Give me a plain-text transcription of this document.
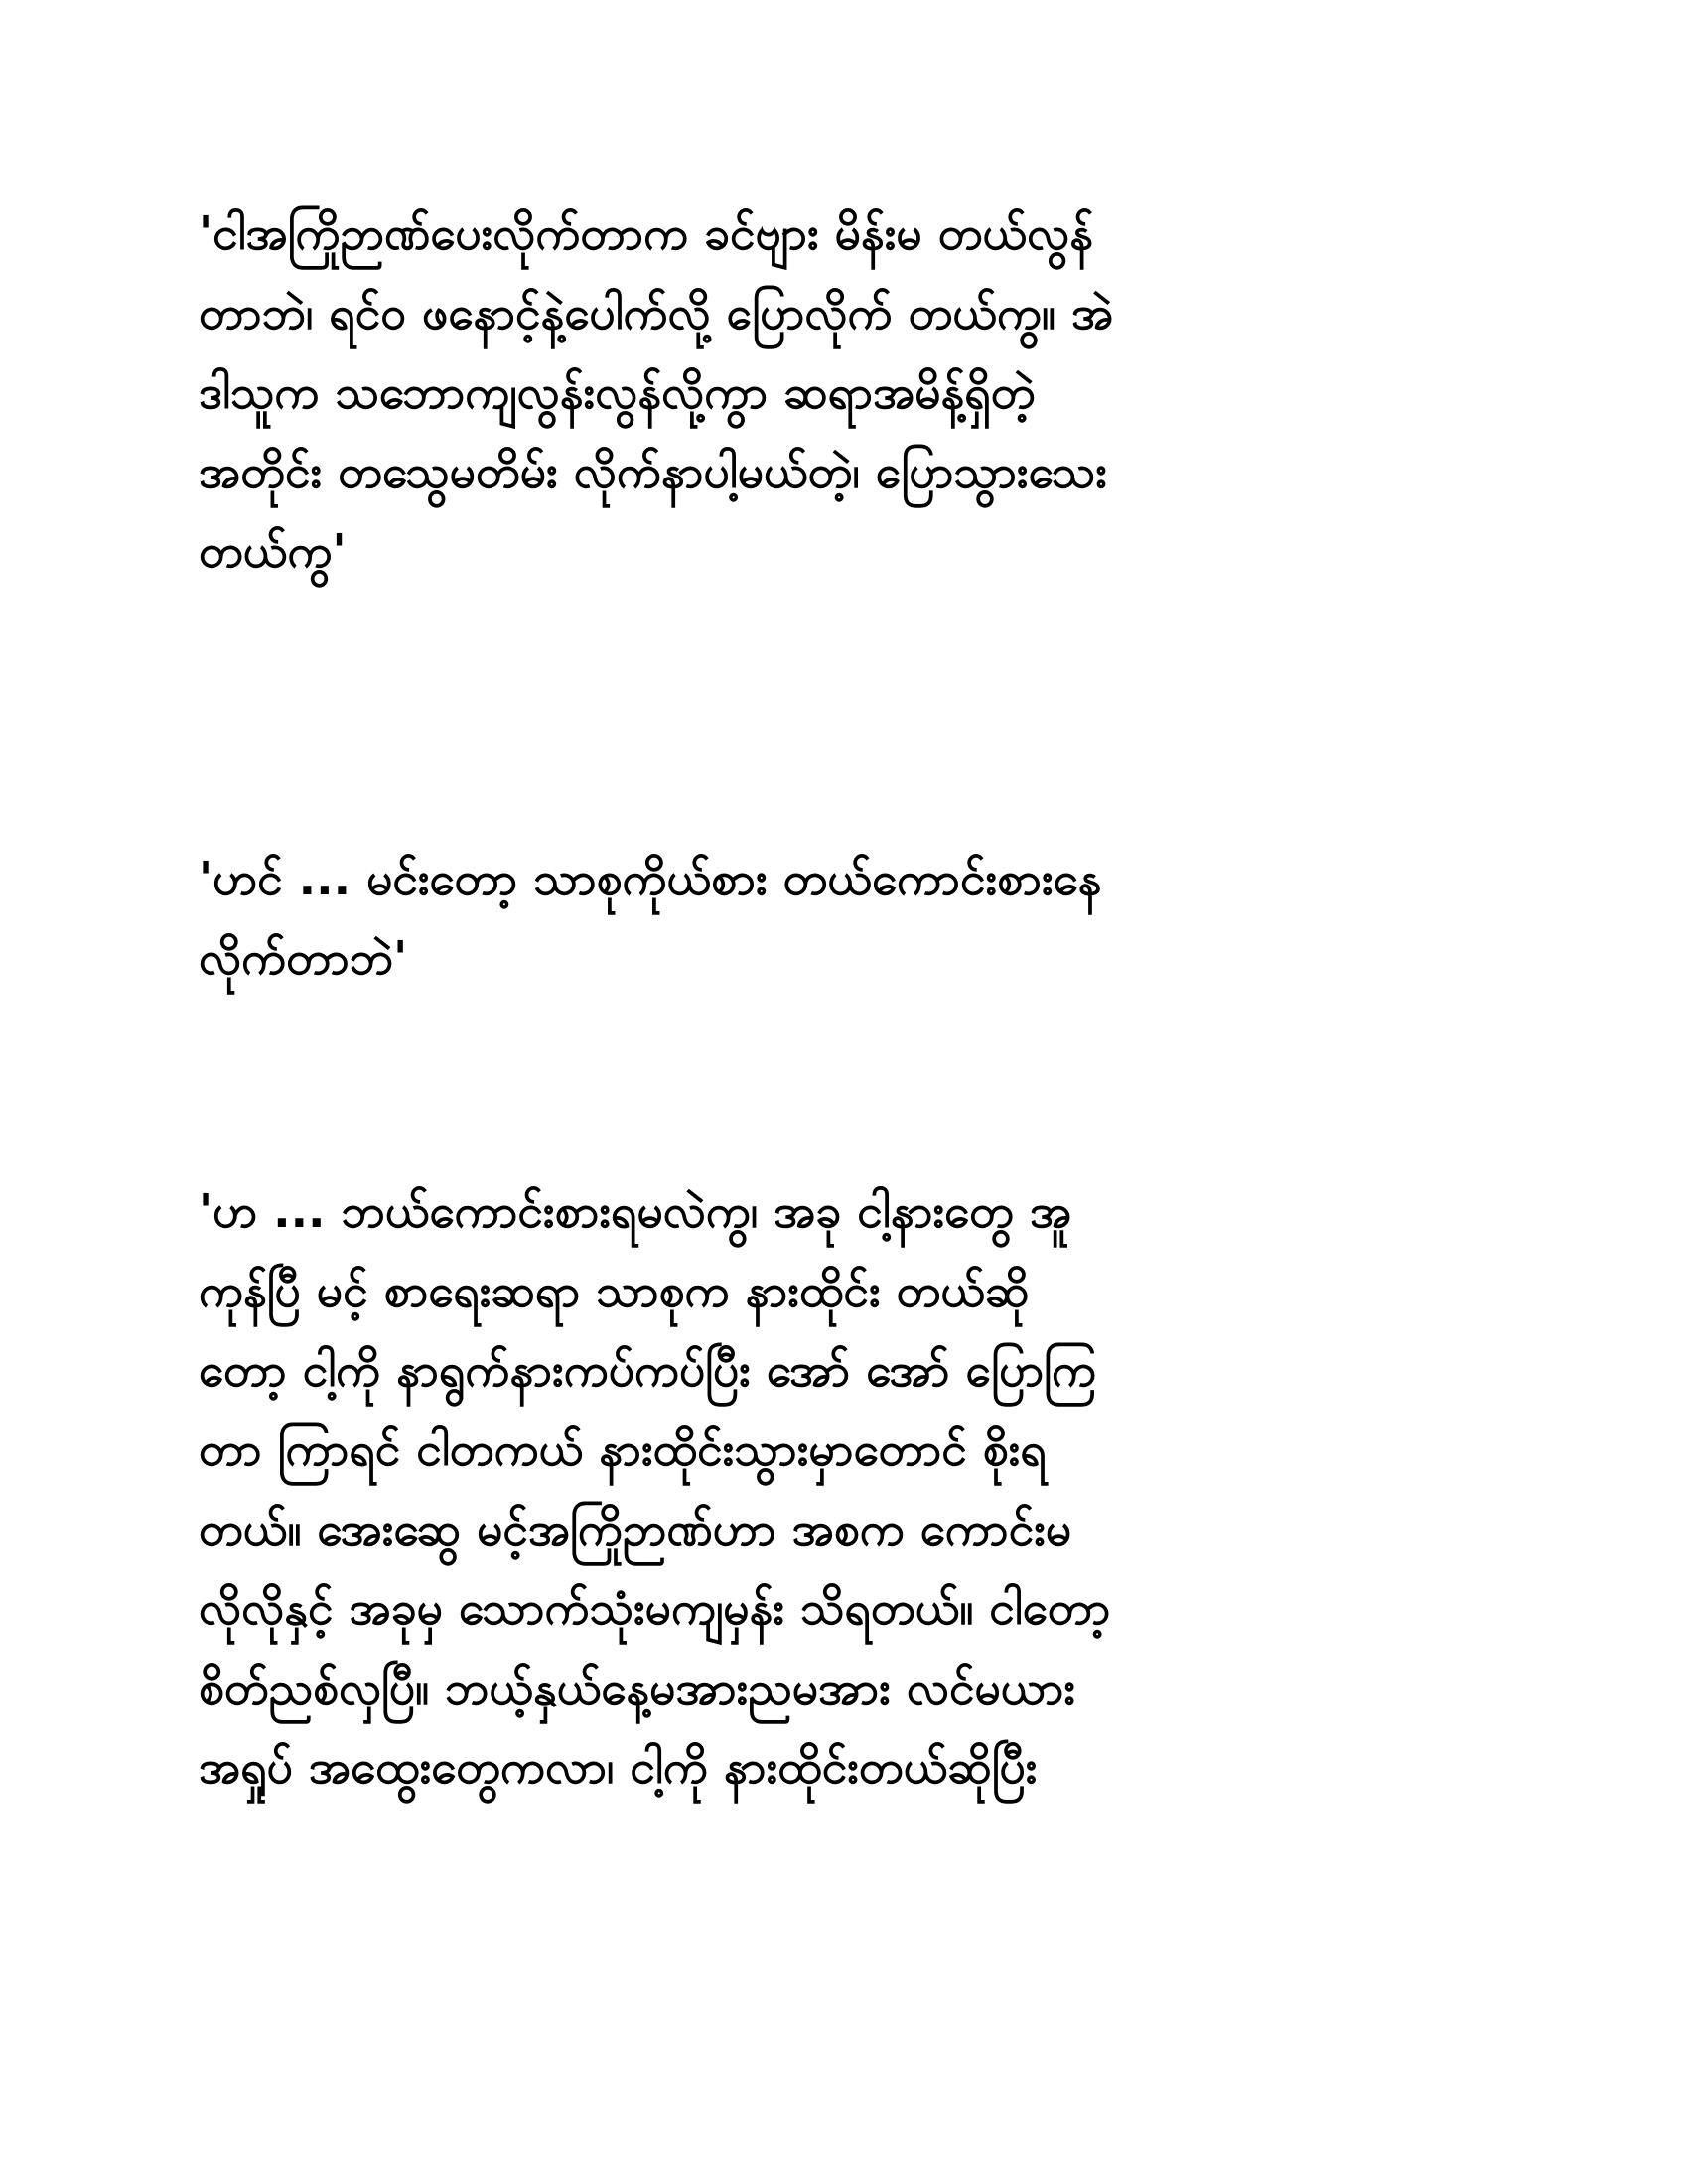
'ငါအကြိုဉာဏ်ပေးလိုက်တာက ခင်ဗျား မိန်းမ တယ်လွန်
တာဘဲ၊ ရင်ဝ ဖနောင့်နဲ့ပေါက်လို့ ပြောလိုက် တယ်ကွ။ အဲ
ဒါသူက သဘောကျလွန်းလွန်လို့ကွာ ဆရာအမိန့်ရှိတဲ့
အတိုင်း တသွေမတိမ်း လိုက်နာပါ့မယ်တဲ့၊ ပြောသွားသေး
တယ်ကွ'
'ဟင် ... မင်းတော့ သာစုကိုယ်စား တယ်ကောင်းစားနေ
လိုက်တာဘဲ'
'ဟ ... ဘယ်ကောင်းစားရမလဲကွ၊ အခု ငါ့နားတွေ အူ
ကုန်ပြီ မင့် စာရေးဆရာ သာစုက နားထိုင်း တယ်ဆို
တော့ ငါ့ကို နာရွက်နားကပ်ကပ်ပြီး အော် အော် ပြောကြ
တာ ကြာရင် ငါတကယ် နားထိုင်းသွားမှာတောင် စိုးရ
တယ်။ အေးဆွေ မင့်အကြိုဉာဏ်ဟာ အစက ကောင်းမ
လိုလိုနှင့် အခုမှ သောက်သုံးမကျမှန်း သိရတယ်။ ငါတော့
စိတ်ညစ်လှပြီ။ ဘယ့်နှယ်နေ့မအားညမအား လင်မယား
အရှုပ် အထွေးတွေကလာ၊ ငါ့ကို နားထိုင်းတယ်ဆိုပြီး
